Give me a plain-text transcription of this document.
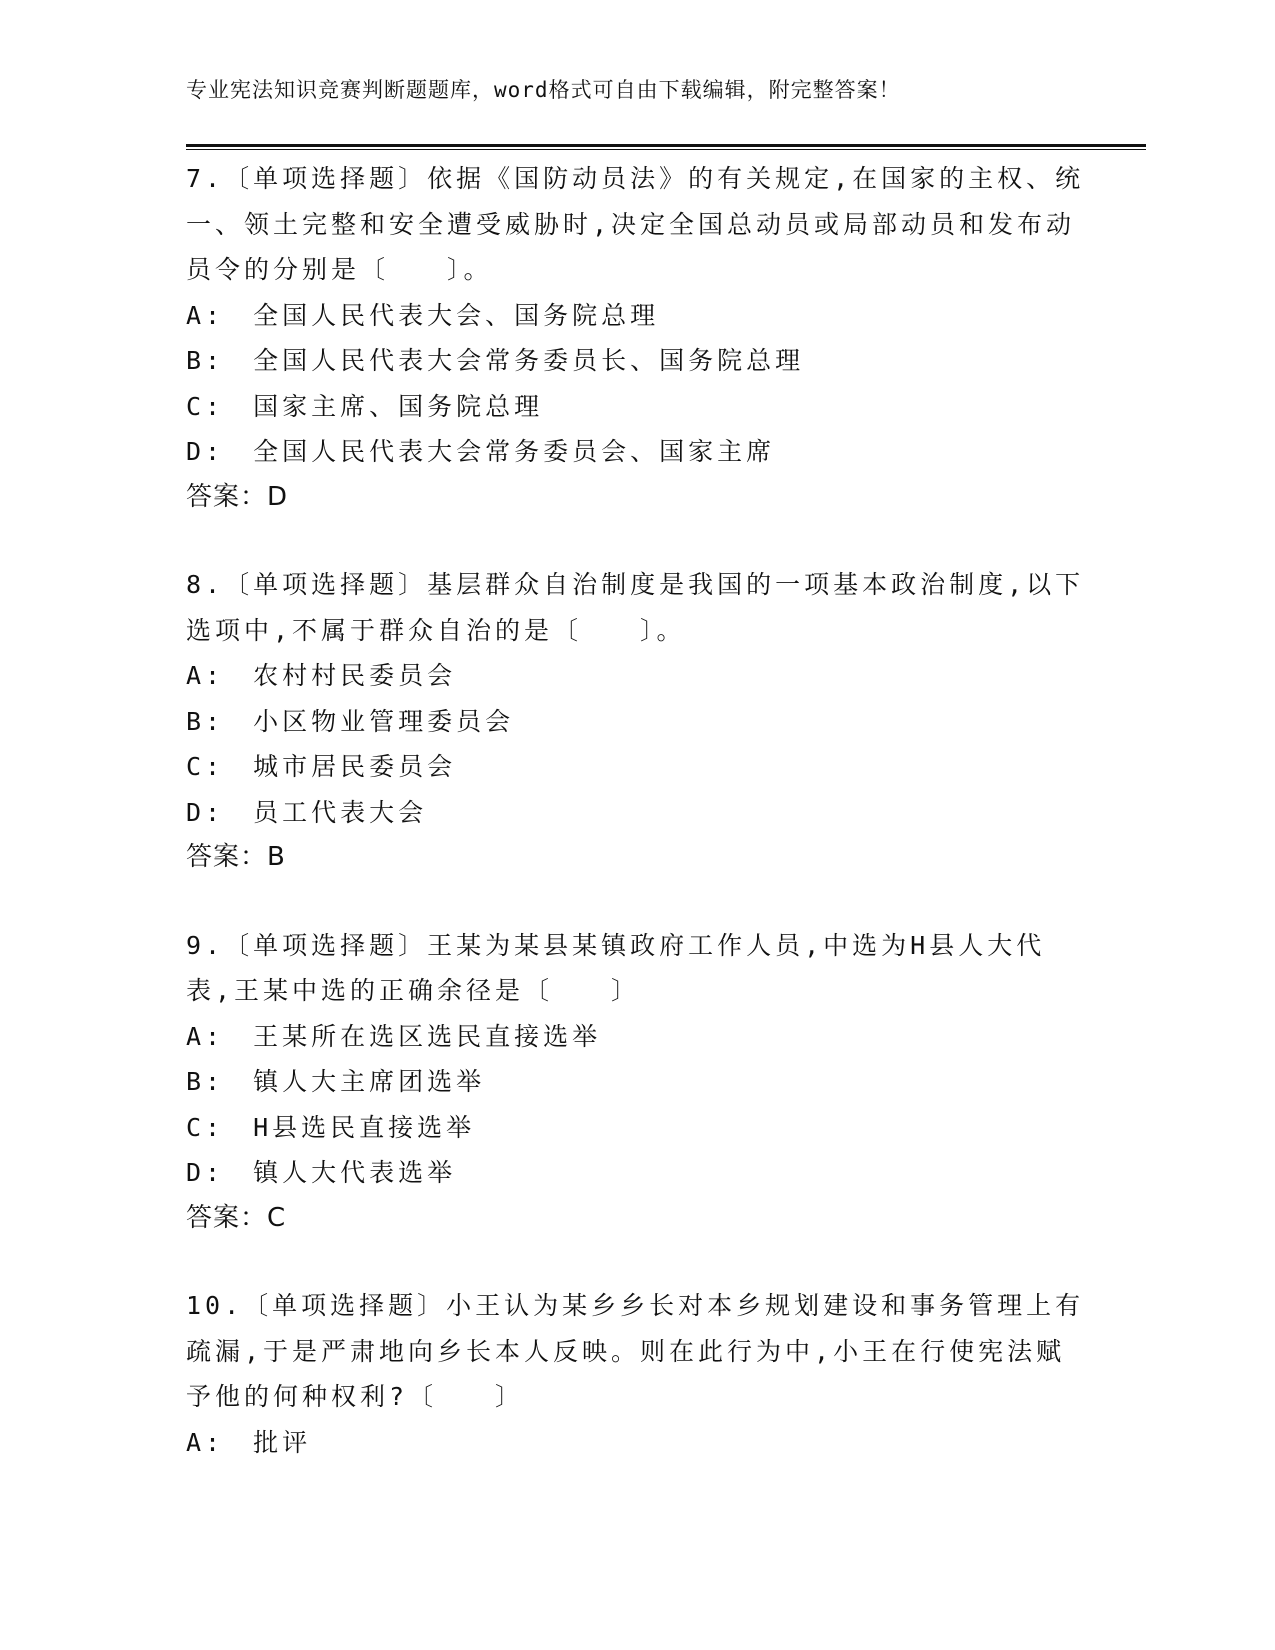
专业宪法知识竞赛判断题题库，word格式可自由下载编辑，附完整答案！
7.〔单项选择题〕依据《国防动员法》的有关规定,在国家的主权、统一、领土完整和安全遭受威胁时,决定全国总动员或局部动员和发布动员令的分别是〔　　〕。
A:　全国人民代表大会、国务院总理
B:　全国人民代表大会常务委员长、国务院总理
C:　国家主席、国务院总理
D:　全国人民代表大会常务委员会、国家主席
答案：D
8.〔单项选择题〕基层群众自治制度是我国的一项基本政治制度,以下选项中,不属于群众自治的是〔　　〕。
A:　农村村民委员会
B:　小区物业管理委员会
C:　城市居民委员会
D:　员工代表大会
答案：B
9.〔单项选择题〕王某为某县某镇政府工作人员,中选为H县人大代表,王某中选的正确余径是〔　　〕
A:　王某所在选区选民直接选举
B:　镇人大主席团选举
C:　H县选民直接选举
D:　镇人大代表选举
答案：C
10.〔单项选择题〕小王认为某乡乡长对本乡规划建设和事务管理上有疏漏,于是严肃地向乡长本人反映。则在此行为中,小王在行使宪法赋予他的何种权利?〔　　〕
A:　批评
